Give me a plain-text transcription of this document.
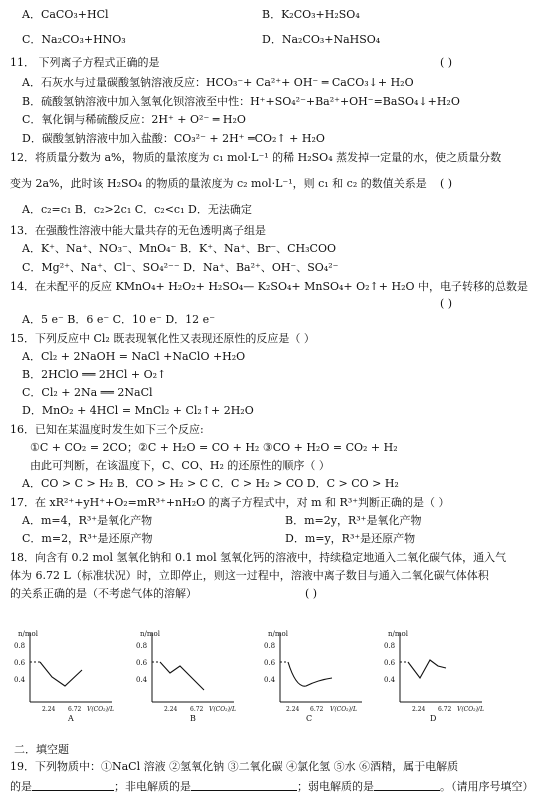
A．CaCO₃+HCl	B．K₂CO₃+H₂SO₄
C．Na₂CO₃+HNO₃	D．Na₂CO₃+NaHSO₄
11． 下列离子方程式正确的是	( )
A．石灰水与过量碳酸氢钠溶液反应：HCO₃⁻+ Ca²⁺+ OH⁻ ═ CaCO₃↓+ H₂O
B．硫酸氢钠溶液中加入氢氧化钡溶液至中性：H⁺+SO₄²⁻+Ba²⁺+OH⁻=BaSO₄↓+H₂O
C．氧化铜与稀硫酸反应：2H⁺ + O²⁻ ═ H₂O
D．碳酸氢钠溶液中加入盐酸：CO₃²⁻ + 2H⁺ ═CO₂↑ + H₂O
12．将质量分数为 a%，物质的量浓度为 c₁ mol·L⁻¹ 的稀 H₂SO₄ 蒸发掉一定量的水，使之质量分数
变为 2a%，此时该 H₂SO₄ 的物质的量浓度为 c₂ mol·L⁻¹，则 c₁ 和 c₂ 的数值关系是 ( )
A．c₂=c₁ B．c₂>2c₁ C．c₂<c₁ D．无法确定
13．在强酸性溶液中能大量共存的无色透明离子组是
A．K⁺、Na⁺、NO₃⁻、MnO₄⁻ B．K⁺、Na⁺、Br⁻、CH₃COO
C．Mg²⁺、Na⁺、Cl⁻、SO₄²⁻⁻ D．Na⁺、Ba²⁺、OH⁻、SO₄²⁻
14．在未配平的反应 KMnO₄+ H₂O₂+ H₂SO₄— K₂SO₄+ MnSO₄+ O₂↑+ H₂O 中，电子转移的总数是
( )
A．5 e⁻ B．6 e⁻ C．10 e⁻ D．12 e⁻
15．下列反应中 Cl₂ 既表现氧化性又表现还原性的反应是（ ）
A．Cl₂ + 2NaOH = NaCl +NaClO +H₂O
B．2HClO ══ 2HCl + O₂↑
C．Cl₂ + 2Na ══ 2NaCl
D．MnO₂ + 4HCl = MnCl₂ + Cl₂↑+ 2H₂O
16．已知在某温度时发生如下三个反应:
①C + CO₂ = 2CO；②C + H₂O = CO + H₂ ③CO + H₂O = CO₂ + H₂
由此可判断，在该温度下，C、CO、H₂ 的还原性的顺序（ ）
A．CO > C > H₂ B．CO > H₂ > C C．C > H₂ > CO D．C > CO > H₂
17．在 xR²⁺+yH⁺+O₂=mR³⁺+nH₂O 的离子方程式中，对 m 和 R³⁺判断正确的是（ ）
A．m=4，R³⁺是氧化产物	B．m=2y，R³⁺是氧化产物
C．m=2，R³⁺是还原产物	D．m=y，R³⁺是还原产物
18．向含有 0.2 mol 氢氧化钠和 0.1 mol 氢氧化钙的溶液中，持续稳定地通入二氧化碳气体，通入气
体为 6.72 L（标准状况）时，立即停止，则这一过程中，溶液中离子数目与通入二氧化碳气体体积
的关系正确的是（不考虑气体的溶解）	( )
n/mol
0.8
0.6
0.4
2.24 6.72 V(CO₂)/L
A
n/mol
0.8
0.6
0.4
2.24 6.72 V(CO₂)/L
B
n/mol
0.8
0.6
0.4
2.24 6.72 V(CO₂)/L
C
n/mol
0.8
0.6
0.4
2.24 6.72 V(CO₂)/L
D
二．填空题
19．下列物质中：①NaCl 溶液 ②氢氧化钠 ③二氧化碳 ④氯化氢 ⑤水 ⑥酒精，属于电解质
的是	；非电解质的是	；弱电解质的是	。（请用序号填空）
